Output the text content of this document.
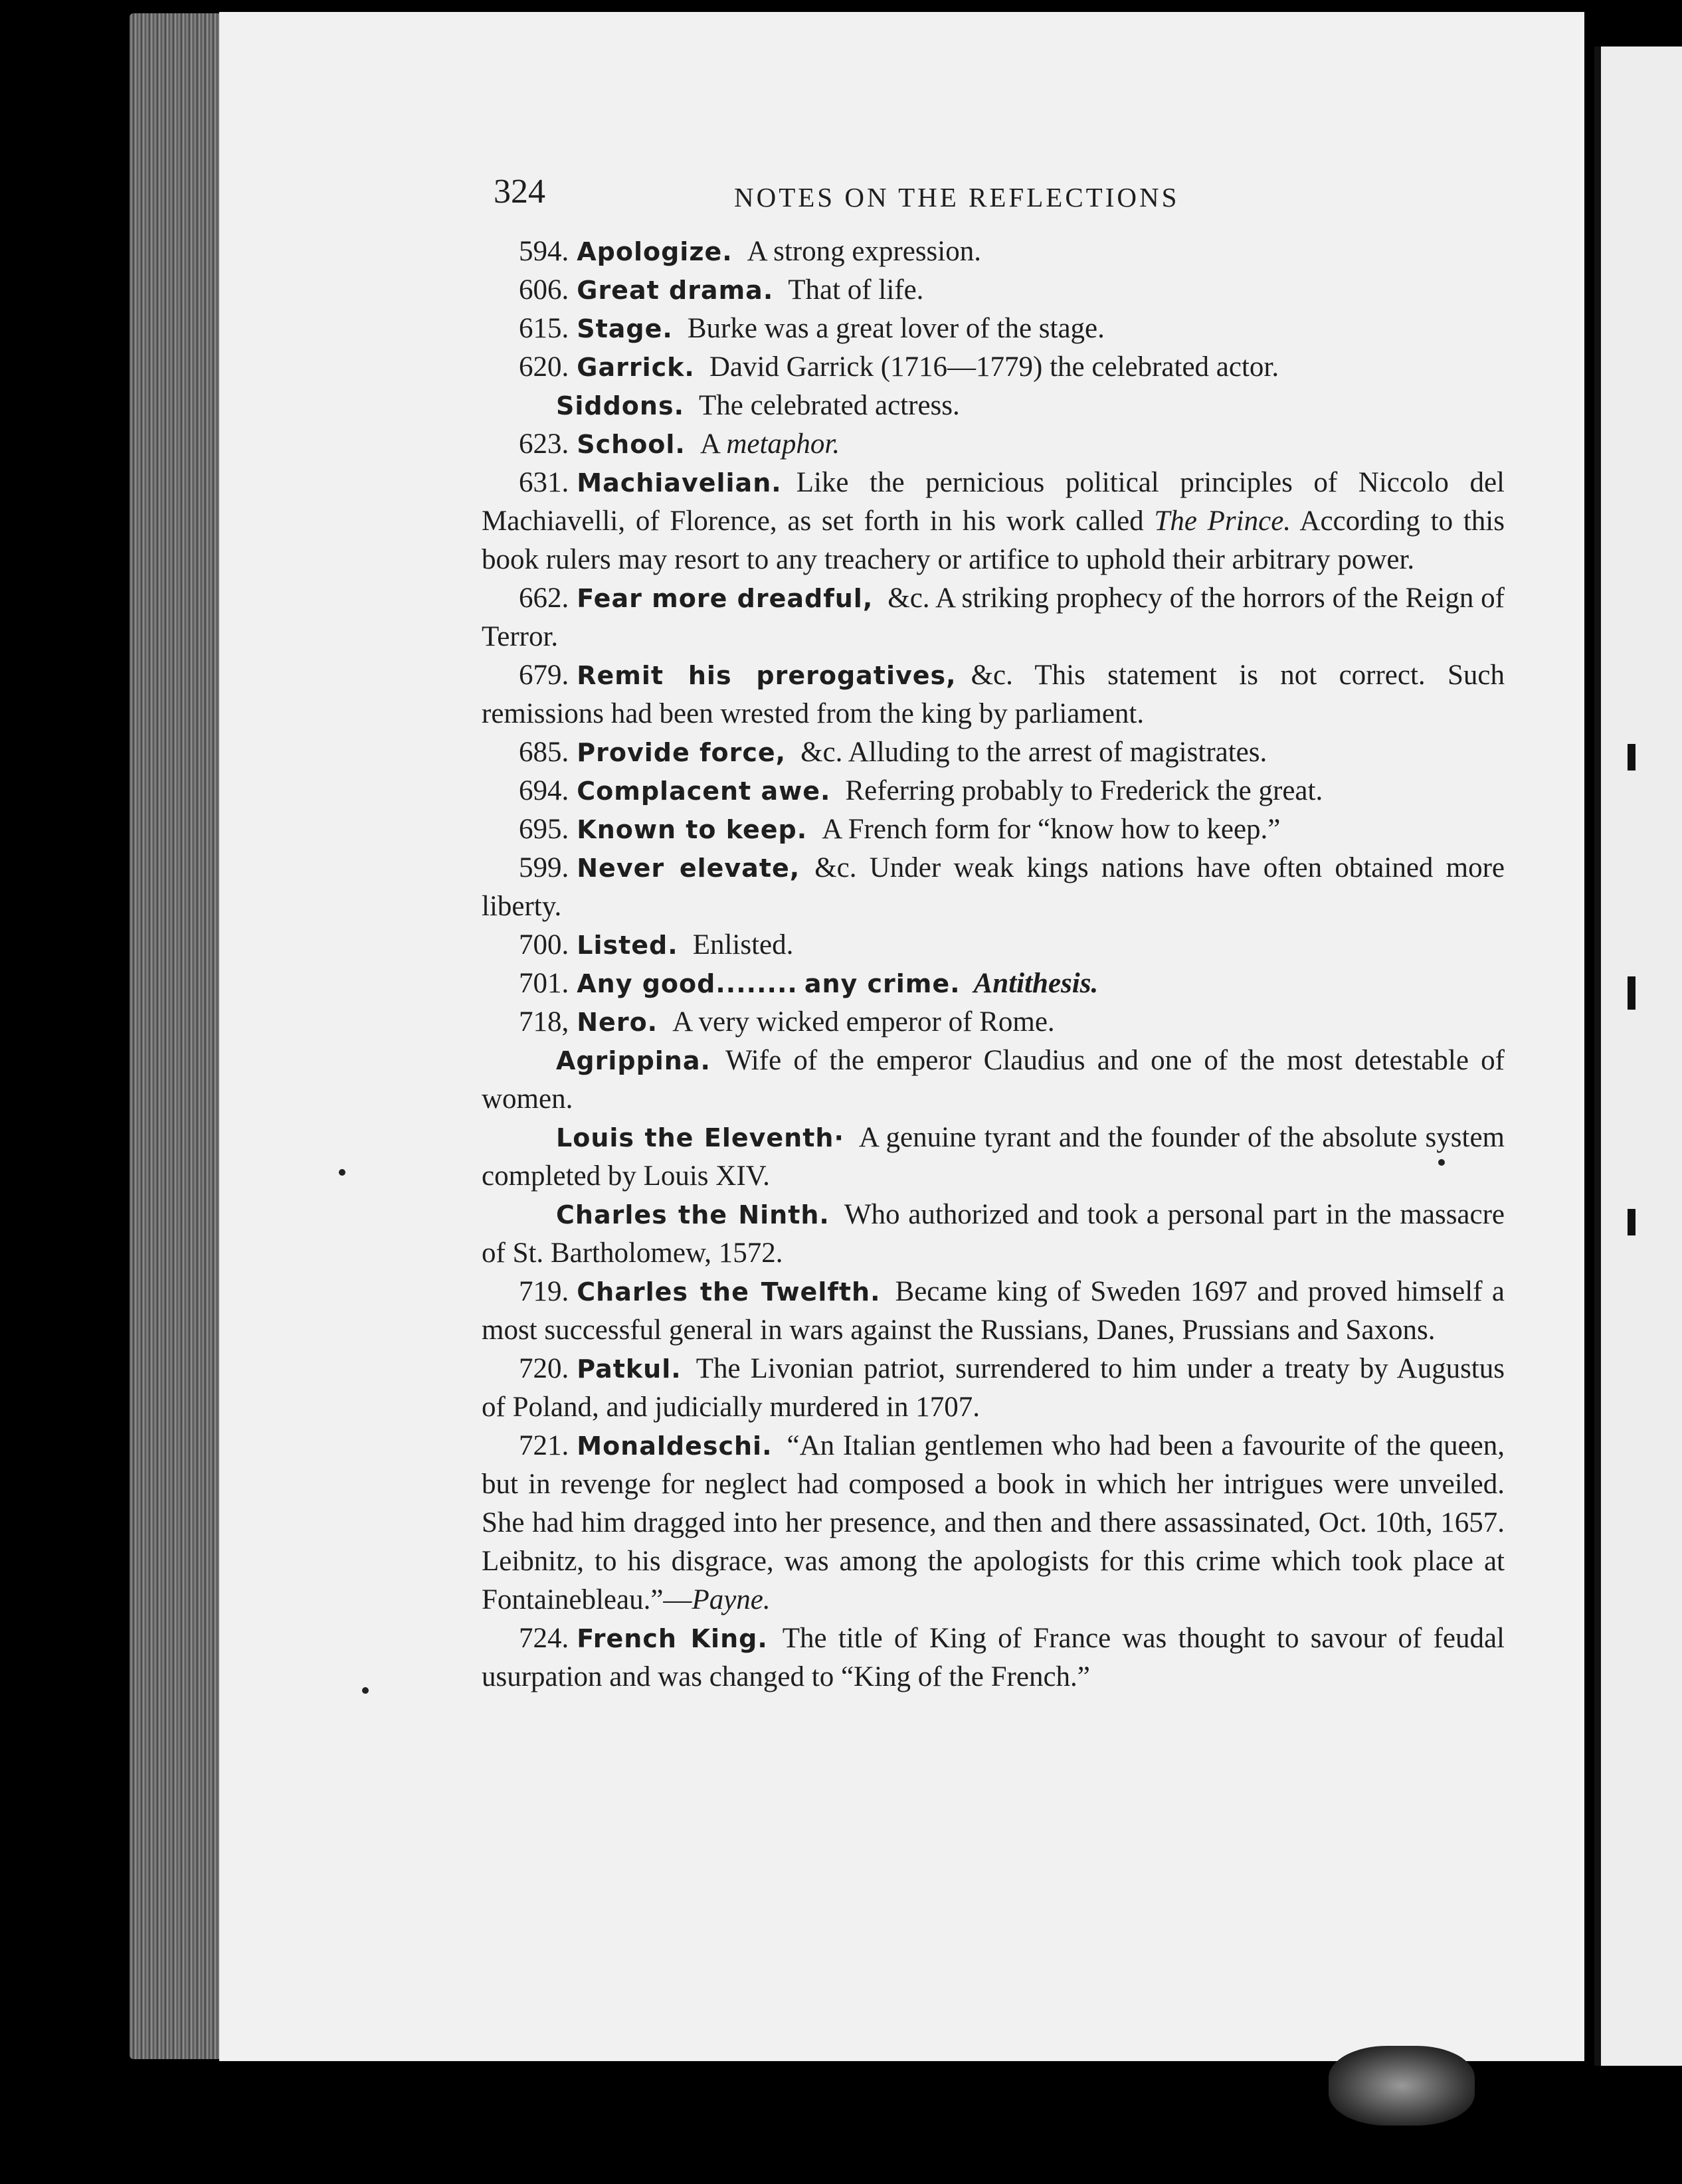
324	NOTES ON THE REFLECTIONS

594. Apologize. A strong expression.

606. Great drama. That of life.

615. Stage. Burke was a great lover of the stage.

620. Garrick. David Garrick (1716—1779) the celebrated actor.

Siddons. The celebrated actress.

623. School. A metaphor.

631. Machiavelian. Like the pernicious political principles of Niccolo del Machiavelli, of Florence, as set forth in his work called The Prince. According to this book rulers may resort to any treachery or artifice to uphold their arbitrary power.

662. Fear more dreadful, &c. A striking prophecy of the horrors of the Reign of Terror.

679. Remit his prerogatives, &c. This statement is not correct. Such remissions had been wrested from the king by parliament.

685. Provide force, &c. Alluding to the arrest of magistrates.

694. Complacent awe. Referring probably to Frederick the great.

695. Known to keep. A French form for “know how to keep.”

599. Never elevate, &c. Under weak kings nations have often obtained more liberty.

700. Listed. Enlisted.

701. Any good........ any crime. Antithesis.

718, Nero. A very wicked emperor of Rome.

Agrippina. Wife of the emperor Claudius and one of the most detestable of women.

Louis the Eleventh· A genuine tyrant and the founder of the absolute system completed by Louis XIV.

Charles the Ninth. Who authorized and took a personal part in the massacre of St. Bartholomew, 1572.

719. Charles the Twelfth. Became king of Sweden 1697 and proved himself a most successful general in wars against the Russians, Danes, Prussians and Saxons.

720. Patkul. The Livonian patriot, surrendered to him under a treaty by Augustus of Poland, and judicially murdered in 1707.

721. Monaldeschi. “An Italian gentlemen who had been a favourite of the queen, but in revenge for neglect had composed a book in which her intrigues were unveiled. She had him dragged into her presence, and then and there assassinated, Oct. 10th, 1657. Leibnitz, to his disgrace, was among the apologists for this crime which took place at Fontainebleau.”—Payne.

724. French King. The title of King of France was thought to savour of feudal usurpation and was changed to “King of the French.”
